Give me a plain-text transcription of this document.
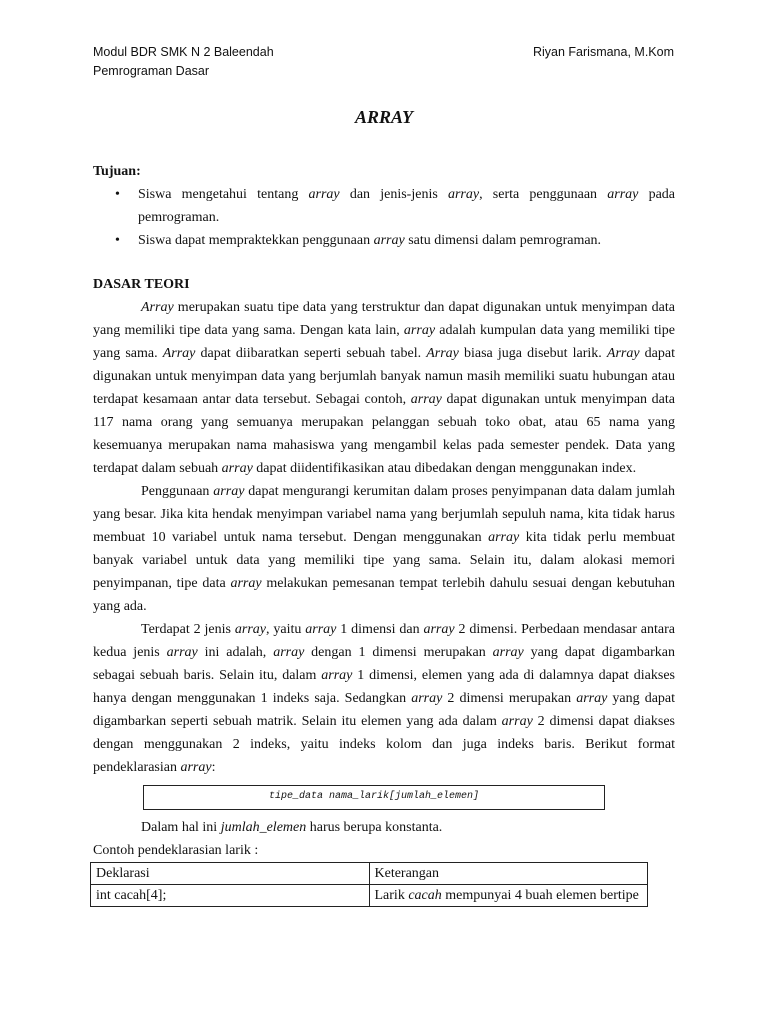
Modul BDR SMK N 2 Baleendah
Pemrograman Dasar
Riyan Farismana, M.Kom
ARRAY
Tujuan:
• Siswa mengetahui tentang array dan jenis-jenis array, serta penggunaan array pada pemrograman.
• Siswa dapat mempraktekkan penggunaan array satu dimensi dalam pemrograman.
DASAR TEORI

Array merupakan suatu tipe data yang terstruktur dan dapat digunakan untuk menyimpan data yang memiliki tipe data yang sama. Dengan kata lain, array adalah kumpulan data yang memiliki tipe yang sama. Array dapat diibaratkan seperti sebuah tabel. Array biasa juga disebut larik. Array dapat digunakan untuk menyimpan data yang berjumlah banyak namun masih memiliki suatu hubungan atau terdapat kesamaan antar data tersebut. Sebagai contoh, array dapat digunakan untuk menyimpan data 117 nama orang yang semuanya merupakan pelanggan sebuah toko obat, atau 65 nama yang kesemuanya merupakan nama mahasiswa yang mengambil kelas pada semester pendek. Data yang terdapat dalam sebuah array dapat diidentifikasikan atau dibedakan dengan menggunakan index.

Penggunaan array dapat mengurangi kerumitan dalam proses penyimpanan data dalam jumlah yang besar. Jika kita hendak menyimpan variabel nama yang berjumlah sepuluh nama, kita tidak harus membuat 10 variabel untuk nama tersebut. Dengan menggunakan array kita tidak perlu membuat banyak variabel untuk data yang memiliki tipe yang sama. Selain itu, dalam alokasi memori penyimpanan, tipe data array melakukan pemesanan tempat terlebih dahulu sesuai dengan kebutuhan yang ada.

Terdapat 2 jenis array, yaitu array 1 dimensi dan array 2 dimensi. Perbedaan mendasar antara kedua jenis array ini adalah, array dengan 1 dimensi merupakan array yang dapat digambarkan sebagai sebuah baris. Selain itu, dalam array 1 dimensi, elemen yang ada di dalamnya dapat diakses hanya dengan menggunakan 1 indeks saja. Sedangkan array 2 dimensi merupakan array yang dapat digambarkan seperti sebuah matrik. Selain itu elemen yang ada dalam array 2 dimensi dapat diakses dengan menggunakan 2 indeks, yaitu indeks kolom dan juga indeks baris. Berikut format pendeklarasian array:

tipe_data nama_larik[jumlah_elemen]

Dalam hal ini jumlah_elemen harus berupa konstanta.

Contoh pendeklarasian larik :

Deklarasi	Keterangan
int cacah[4];	Larik cacah mempunyai 4 buah elemen bertipe
